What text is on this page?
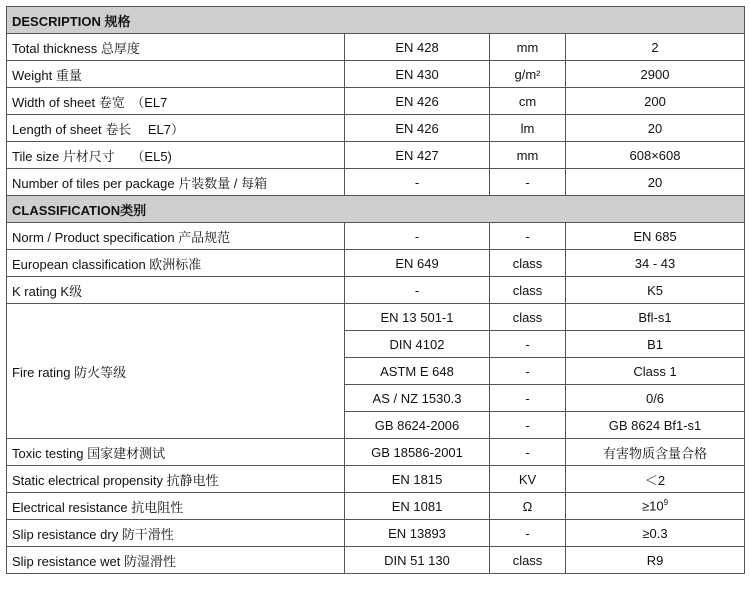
DESCRIPTION 规格			
Total thickness 总厚度	EN 428	mm	2
Weight 重量	EN 430	g/m²	2900
Width of sheet 卷宽　（EL7	EN 426	cm	200
Length of sheet 卷长　 EL7）	EN 426	lm	20
Tile size 片材尺寸　 （EL5)	EN 427	mm	608×608
Number of tiles per package 片装数量 / 每箱	-	-	20
CLASSIFICATION类别			
Norm / Product specification 产品规范	-	-	EN 685
European classification 欧洲标准	EN 649	class	34 - 43
K rating K级	-	class	K5
Fire rating 防火等级	EN 13 501-1	class	Bfl-s1
	DIN 4102	-	B1
	ASTM E 648	-	Class 1
	AS / NZ 1530.3	-	0/6
	GB 8624-2006	-	GB 8624 Bf1-s1
Toxic testing 国家建材测试	GB 18586-2001	-	有害物质含量合格
Static electrical propensity 抗静电性	EN 1815	KV	＜2
Electrical resistance 抗电阻性	EN 1081	Ω	$\ge 10^9$
Slip resistance dry 防干滑性	EN 13893	-	≥0.3
Slip resistance wet 防湿滑性	DIN 51 130	class	R9
